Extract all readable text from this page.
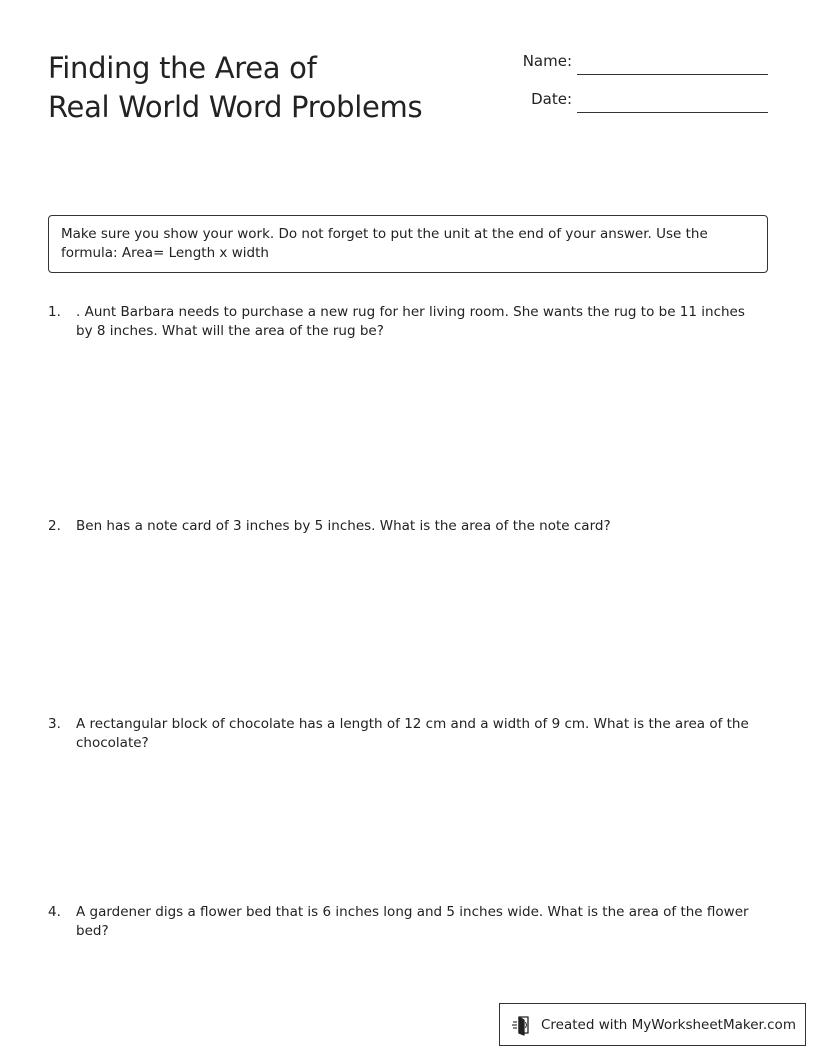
Finding the Area of
Real World Word Problems
Name:
Date:
Make sure you show your work. Do not forget to put the unit at the end of your answer. Use the formula: Area= Length x width
1.	. Aunt Barbara needs to purchase a new rug for her living room. She wants the rug to be 11 inches by 8 inches. What will the area of the rug be?
2.	Ben has a note card of 3 inches by 5 inches. What is the area of the note card?
3.	A rectangular block of chocolate has a length of 12 cm and a width of 9 cm. What is the area of the chocolate?
4.	A gardener digs a flower bed that is 6 inches long and 5 inches wide. What is the area of the flower bed?
Created with MyWorksheetMaker.com
